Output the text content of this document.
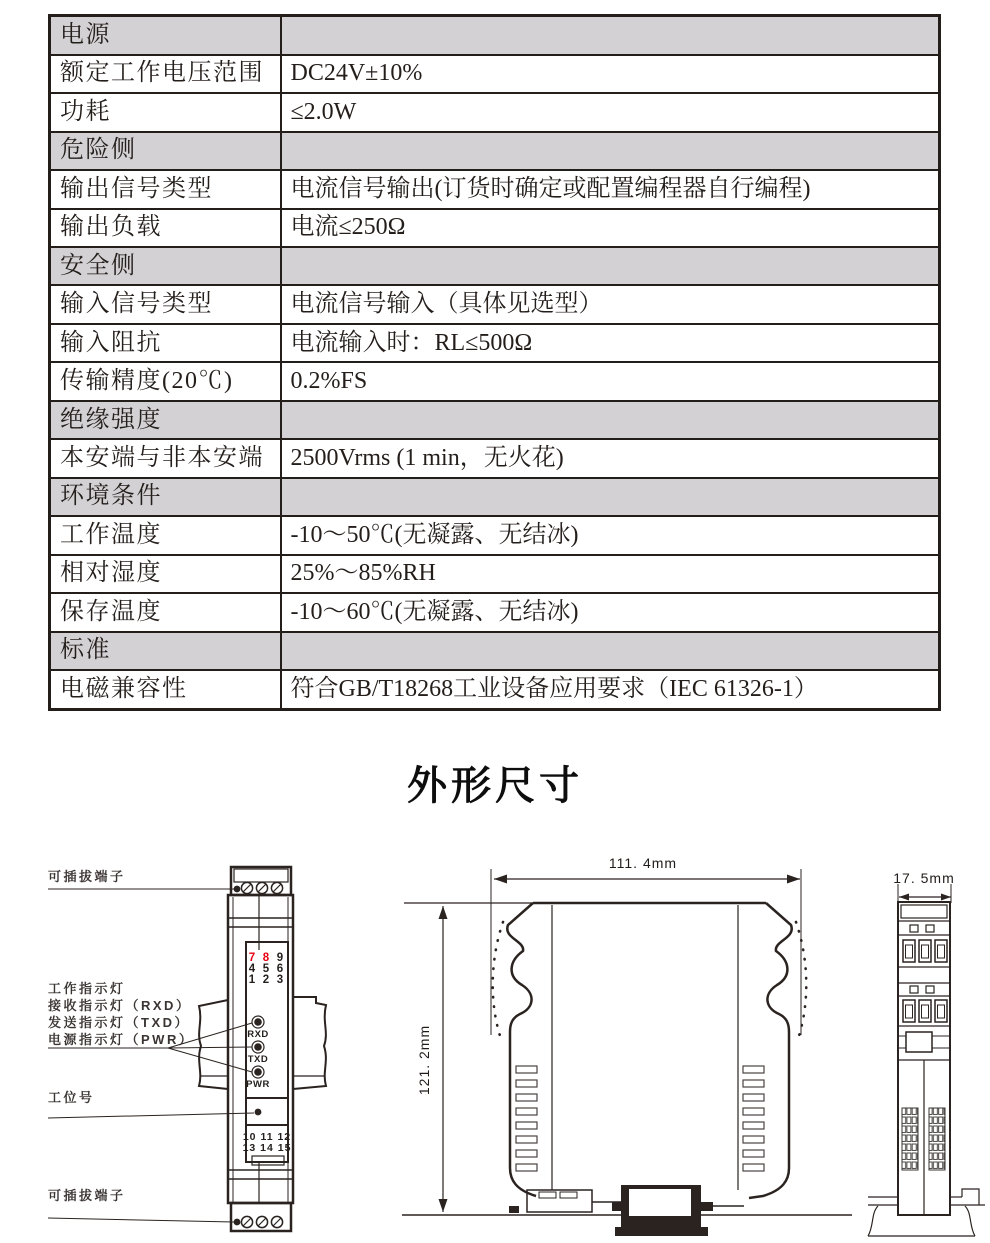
电源	
额定工作电压范围	DC24V±10%
功耗	≤2.0W
危险侧	
输出信号类型	电流信号输出(订货时确定或配置编程器自行编程)
输出负载	电流≤250Ω
安全侧	
输入信号类型	电流信号输入（具体见选型）
输入阻抗	电流输入时：RL≤500Ω
传输精度(20℃)	0.2%FS
绝缘强度	
本安端与非本安端	2500Vrms (1 min，无火花)
环境条件	
工作温度	-10～50℃(无凝露、无结冰)
相对湿度	25%～85%RH
保存温度	-10～60℃(无凝露、无结冰)
标准	
电磁兼容性	符合GB/T18268工业设备应用要求（IEC 61326-1）
外形尺寸
可插拔端子
7 8 9
4 5 6
1 2 3
RXD
TXD
PWR
10 11 12
13 14 15
工作指示灯
接收指示灯（RXD）
发送指示灯（TXD）
电源指示灯（PWR）
工位号
可插拔端子
111. 4mm
121. 2mm
17. 5mm
